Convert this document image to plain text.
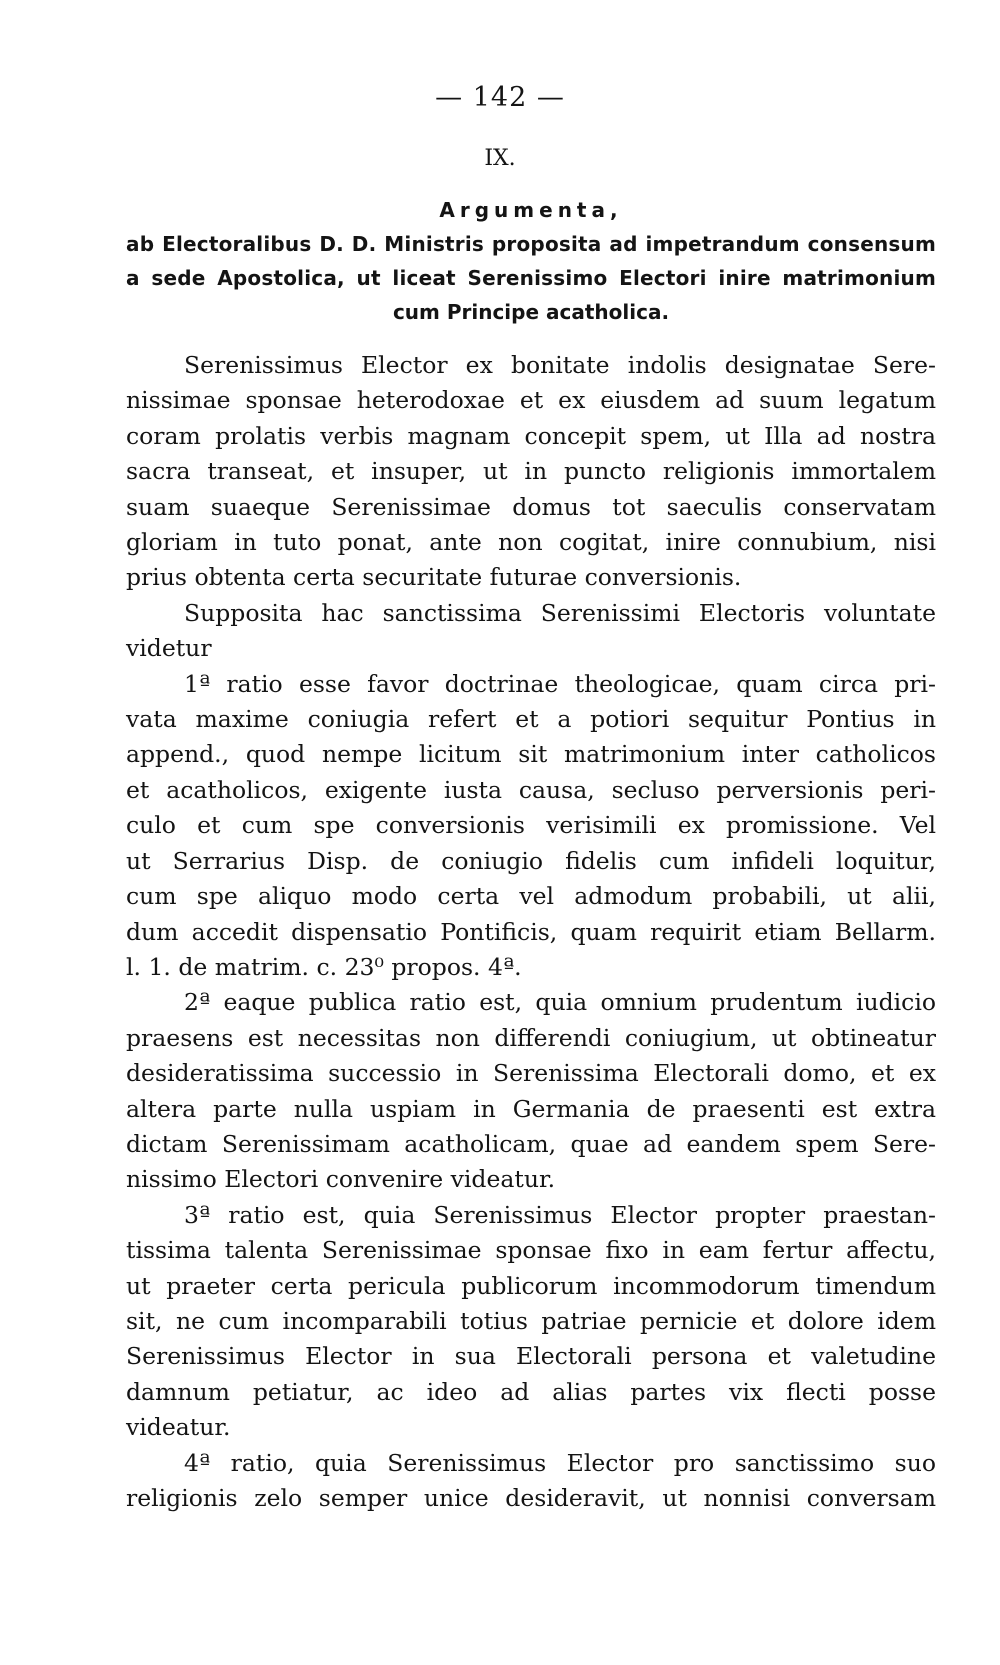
— 142 —
IX.
Argumenta,
ab Electoralibus D. D. Ministris proposita ad impetrandum consensum
a sede Apostolica, ut liceat Serenissimo Electori inire matrimonium
cum Principe acatholica.
Serenissimus Elector ex bonitate indolis designatae Sere-
nissimae sponsae heterodoxae et ex eiusdem ad suum legatum
coram prolatis verbis magnam concepit spem, ut Illa ad nostra
sacra transeat, et insuper, ut in puncto religionis immortalem
suam suaeque Serenissimae domus tot saeculis conservatam
gloriam in tuto ponat, ante non cogitat, inire connubium, nisi
prius obtenta certa securitate futurae conversionis.
Supposita hac sanctissima Serenissimi Electoris voluntate
videtur
1ª ratio esse favor doctrinae theologicae, quam circa pri-
vata maxime coniugia refert et a potiori sequitur Pontius in
append., quod nempe licitum sit matrimonium inter catholicos
et acatholicos, exigente iusta causa, secluso perversionis peri-
culo et cum spe conversionis verisimili ex promissione. Vel
ut Serrarius Disp. de coniugio fidelis cum infideli loquitur,
cum spe aliquo modo certa vel admodum probabili, ut alii,
dum accedit dispensatio Pontificis, quam requirit etiam Bellarm.
l. 1. de matrim. c. 23⁰ propos. 4ª.
2ª eaque publica ratio est, quia omnium prudentum iudicio
praesens est necessitas non differendi coniugium, ut obtineatur
desideratissima successio in Serenissima Electorali domo, et ex
altera parte nulla uspiam in Germania de praesenti est extra
dictam Serenissimam acatholicam, quae ad eandem spem Sere-
nissimo Electori convenire videatur.
3ª ratio est, quia Serenissimus Elector propter praestan-
tissima talenta Serenissimae sponsae fixo in eam fertur affectu,
ut praeter certa pericula publicorum incommodorum timendum
sit, ne cum incomparabili totius patriae pernicie et dolore idem
Serenissimus Elector in sua Electorali persona et valetudine
damnum petiatur, ac ideo ad alias partes vix flecti posse
videatur.
4ª ratio, quia Serenissimus Elector pro sanctissimo suo
religionis zelo semper unice desideravit, ut nonnisi conversam
